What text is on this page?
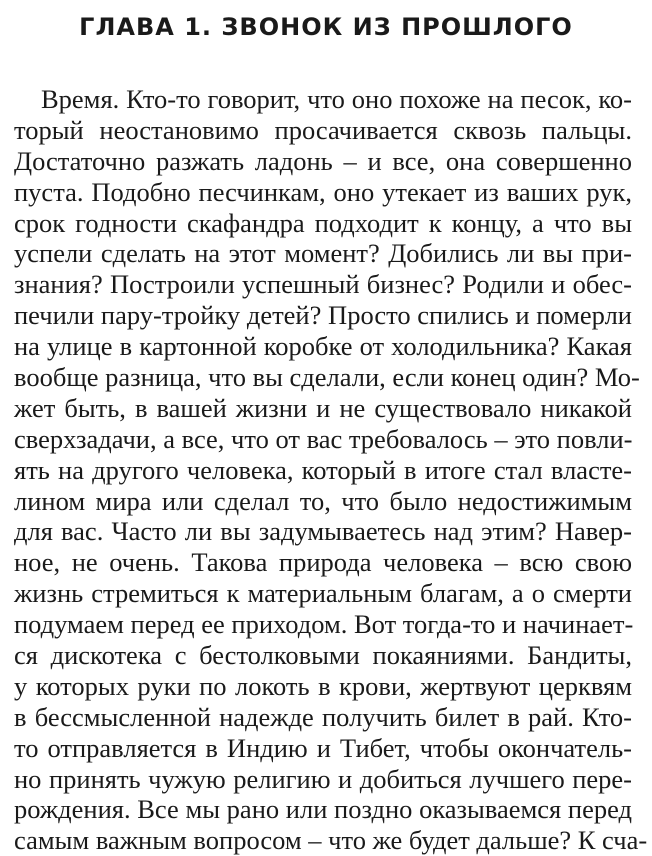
ГЛАВА 1. ЗВОНОК ИЗ ПРОШЛОГО
Время. Кто-то говорит, что оно похоже на песок, ко-
торый неостановимо просачивается сквозь пальцы.
Достаточно разжать ладонь – и все, она совершенно
пуста. Подобно песчинкам, оно утекает из ваших рук,
срок годности скафандра подходит к концу, а что вы
успели сделать на этот момент? Добились ли вы при-
знания? Построили успешный бизнес? Родили и обес-
печили пару-тройку детей? Просто спились и померли
на улице в картонной коробке от холодильника? Какая
вообще разница, что вы сделали, если конец один? Мо-
жет быть, в вашей жизни и не существовало никакой
сверхзадачи, а все, что от вас требовалось – это повли-
ять на другого человека, который в итоге стал власте-
лином мира или сделал то, что было недостижимым
для вас. Часто ли вы задумываетесь над этим? Навер-
ное, не очень. Такова природа человека – всю свою
жизнь стремиться к материальным благам, а о смерти
подумаем перед ее приходом. Вот тогда-то и начинает-
ся дискотека с бестолковыми покаяниями. Бандиты,
у которых руки по локоть в крови, жертвуют церквям
в бессмысленной надежде получить билет в рай. Кто-
то отправляется в Индию и Тибет, чтобы окончатель-
но принять чужую религию и добиться лучшего пере-
рождения. Все мы рано или поздно оказываемся перед
самым важным вопросом – что же будет дальше? К сча-
